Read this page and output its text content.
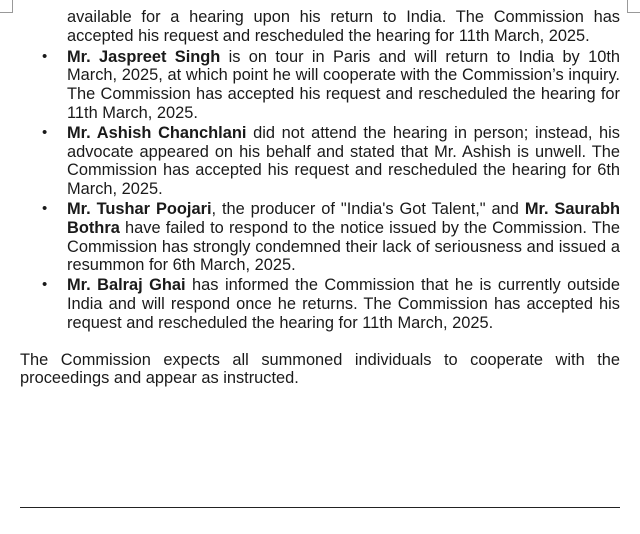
available for a hearing upon his return to India. The Commission has accepted his request and rescheduled the hearing for 11th March, 2025.

• Mr. Jaspreet Singh is on tour in Paris and will return to India by 10th March, 2025, at which point he will cooperate with the Commission’s inquiry. The Commission has accepted his request and rescheduled the hearing for 11th March, 2025.
• Mr. Ashish Chanchlani did not attend the hearing in person; instead, his advocate appeared on his behalf and stated that Mr. Ashish is unwell. The Commission has accepted his request and rescheduled the hearing for 6th March, 2025.
• Mr. Tushar Poojari, the producer of "India's Got Talent," and Mr. Saurabh Bothra have failed to respond to the notice issued by the Commission. The Commission has strongly condemned their lack of seriousness and issued a resummon for 6th March, 2025.
• Mr. Balraj Ghai has informed the Commission that he is currently outside India and will respond once he returns. The Commission has accepted his request and rescheduled the hearing for 11th March, 2025.

The Commission expects all summoned individuals to cooperate with the proceedings and appear as instructed.
